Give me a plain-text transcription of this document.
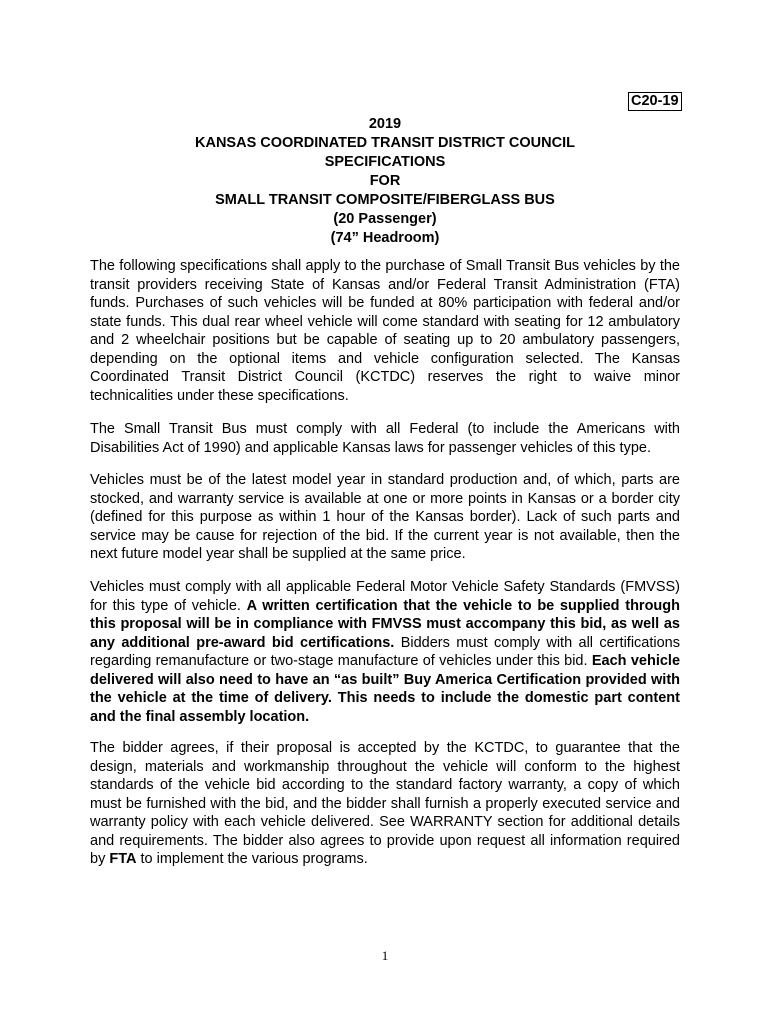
C20-19
2019
KANSAS COORDINATED TRANSIT DISTRICT COUNCIL
SPECIFICATIONS
FOR
SMALL TRANSIT COMPOSITE/FIBERGLASS BUS
(20 Passenger)
(74” Headroom)
The following specifications shall apply to the purchase of Small Transit Bus vehicles by the transit providers receiving State of Kansas and/or Federal Transit Administration (FTA) funds. Purchases of such vehicles will be funded at 80% participation with federal and/or state funds. This dual rear wheel vehicle will come standard with seating for 12 ambulatory and 2 wheelchair positions but be capable of seating up to 20 ambulatory passengers, depending on the optional items and vehicle configuration selected. The Kansas Coordinated Transit District Council (KCTDC) reserves the right to waive minor technicalities under these specifications.
The Small Transit Bus must comply with all Federal (to include the Americans with Disabilities Act of 1990) and applicable Kansas laws for passenger vehicles of this type.
Vehicles must be of the latest model year in standard production and, of which, parts are stocked, and warranty service is available at one or more points in Kansas or a border city (defined for this purpose as within 1 hour of the Kansas border). Lack of such parts and service may be cause for rejection of the bid. If the current year is not available, then the next future model year shall be supplied at the same price.
Vehicles must comply with all applicable Federal Motor Vehicle Safety Standards (FMVSS) for this type of vehicle. A written certification that the vehicle to be supplied through this proposal will be in compliance with FMVSS must accompany this bid, as well as any additional pre-award bid certifications. Bidders must comply with all certifications regarding remanufacture or two-stage manufacture of vehicles under this bid. Each vehicle delivered will also need to have an “as built” Buy America Certification provided with the vehicle at the time of delivery. This needs to include the domestic part content and the final assembly location.
The bidder agrees, if their proposal is accepted by the KCTDC, to guarantee that the design, materials and workmanship throughout the vehicle will conform to the highest standards of the vehicle bid according to the standard factory warranty, a copy of which must be furnished with the bid, and the bidder shall furnish a properly executed service and warranty policy with each vehicle delivered. See WARRANTY section for additional details and requirements. The bidder also agrees to provide upon request all information required by FTA to implement the various programs.
1
